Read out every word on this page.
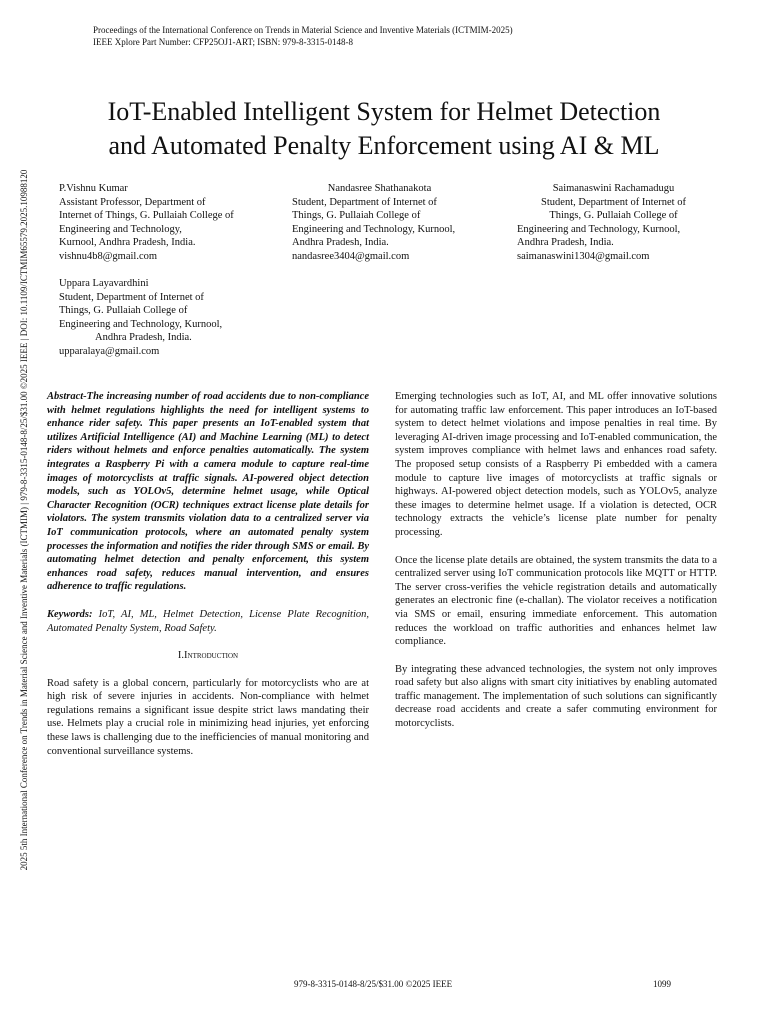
Proceedings of the International Conference on Trends in Material Science and Inventive Materials (ICTMIM-2025)
IEEE Xplore Part Number: CFP25OJ1-ART; ISBN: 979-8-3315-0148-8
2025 5th International Conference on Trends in Material Science and Inventive Materials (ICTMIM) | 979-8-3315-0148-8/25/$31.00 ©2025 IEEE | DOI: 10.1109/ICTMIM65579.2025.10988120
IoT-Enabled Intelligent System for Helmet Detection
and Automated Penalty Enforcement using AI & ML
P.Vishnu Kumar
Assistant Professor, Department of
Internet of Things, G. Pullaiah College of
Engineering and Technology,
Kurnool, Andhra Pradesh, India.
vishnu4b8@gmail.com
Nandasree Shathanakota
Student, Department of Internet of
Things, G. Pullaiah College of
Engineering and Technology, Kurnool,
Andhra Pradesh, India.
nandasree3404@gmail.com
Saimanaswini Rachamadugu
Student, Department of Internet of
Things, G. Pullaiah College of
Engineering and Technology, Kurnool,
Andhra Pradesh, India.
saimanaswini1304@gmail.com
Uppara Layavardhini
Student, Department of Internet of
Things, G. Pullaiah College of
Engineering and Technology, Kurnool,
Andhra Pradesh, India.
upparalaya@gmail.com

Abstract-The increasing number of road accidents due to non-compliance with helmet regulations highlights the need for intelligent systems to enhance rider safety. This paper presents an IoT-enabled system that utilizes Artificial Intelligence (AI) and Machine Learning (ML) to detect riders without helmets and enforce penalties automatically. The system integrates a Raspberry Pi with a camera module to capture real-time images of motorcyclists at traffic signals. AI-powered object detection models, such as YOLOv5, determine helmet usage, while Optical Character Recognition (OCR) techniques extract license plate details for violators. The system transmits violation data to a centralized server via IoT communication protocols, where an automated penalty system processes the information and notifies the rider through SMS or email. By automating helmet detection and penalty enforcement, this system enhances road safety, reduces manual intervention, and ensures adherence to traffic regulations.

Keywords: IoT, AI, ML, Helmet Detection, License Plate Recognition, Automated Penalty System, Road Safety.

I.Introduction

Road safety is a global concern, particularly for motorcyclists who are at high risk of severe injuries in accidents. Non-compliance with helmet regulations remains a significant issue despite strict laws mandating their use. Helmets play a crucial role in minimizing head injuries, yet enforcing these laws is challenging due to the inefficiencies of manual monitoring and conventional surveillance systems.

Emerging technologies such as IoT, AI, and ML offer innovative solutions for automating traffic law enforcement. This paper introduces an IoT-based system to detect helmet violations and impose penalties in real time. By leveraging AI-driven image processing and IoT-enabled communication, the system improves compliance with helmet laws and enhances road safety. The proposed setup consists of a Raspberry Pi embedded with a camera module to capture live images of motorcyclists at traffic signals or highways. AI-powered object detection models, such as YOLOv5, analyze these images to determine helmet usage. If a violation is detected, OCR technology extracts the vehicle’s license plate number for penalty processing.

Once the license plate details are obtained, the system transmits the data to a centralized server using IoT communication protocols like MQTT or HTTP. The server cross-verifies the vehicle registration details and automatically generates an electronic fine (e-challan). The violator receives a notification via SMS or email, ensuring immediate enforcement. This automation reduces the workload on traffic authorities and enhances helmet law compliance.

By integrating these advanced technologies, the system not only improves road safety but also aligns with smart city initiatives by enabling automated traffic management. The implementation of such solutions can significantly decrease road accidents and create a safer commuting environment for motorcyclists.

979-8-3315-0148-8/25/$31.00 ©2025 IEEE	1099
